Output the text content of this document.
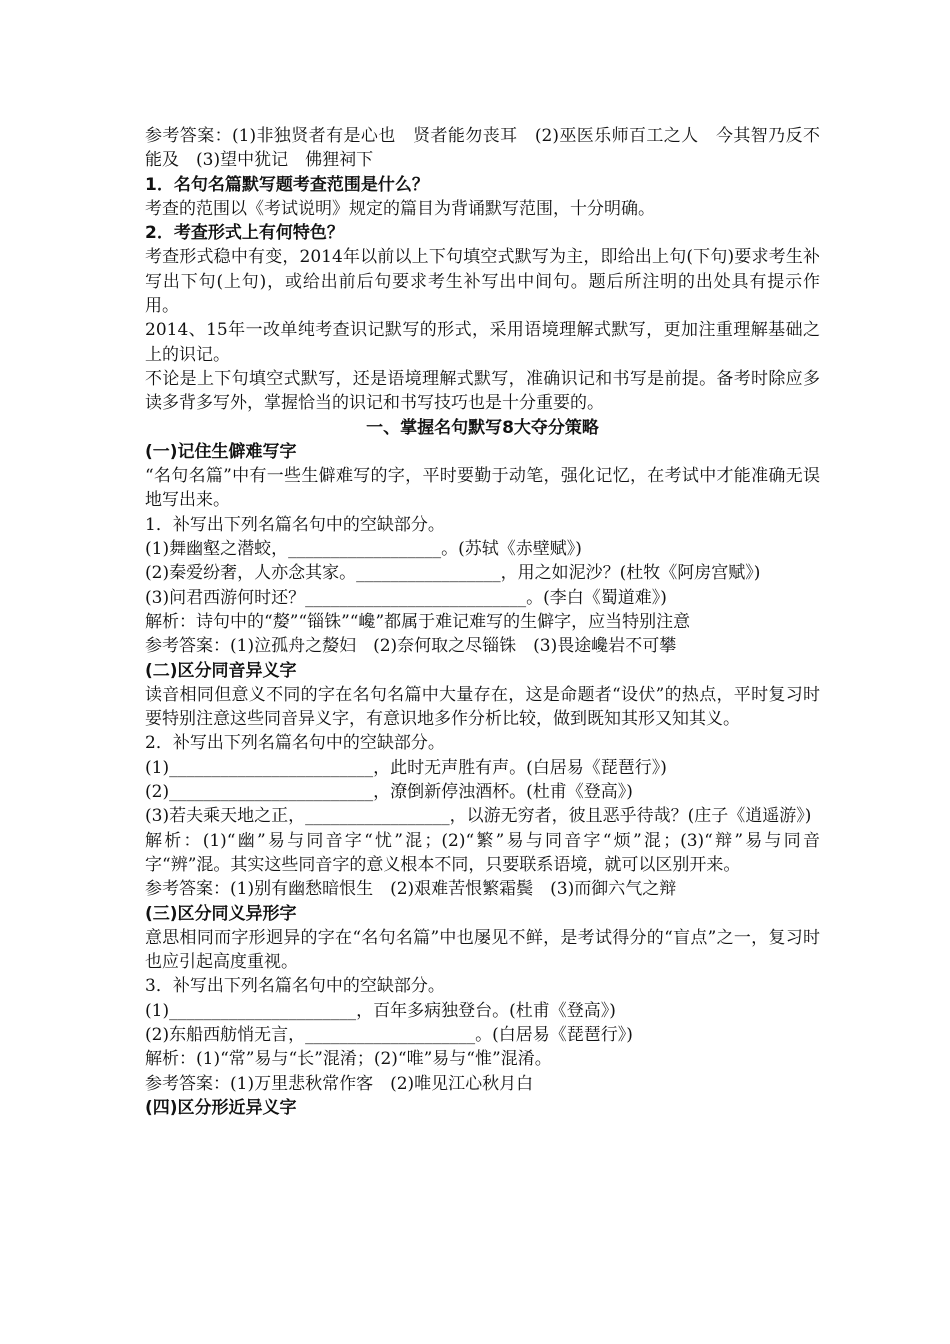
参考答案：(1)非独贤者有是心也　贤者能勿丧耳　(2)巫医乐师百工之人　今其智乃反不能及　(3)望中犹记　佛狸祠下

1．名句名篇默写题考查范围是什么？

考查的范围以《考试说明》规定的篇目为背诵默写范围，十分明确。

2．考查形式上有何特色？

考查形式稳中有变，2014年以前以上下句填空式默写为主，即给出上句(下句)要求考生补写出下句(上句)，或给出前后句要求考生补写出中间句。题后所注明的出处具有提示作用。

2014、15年一改单纯考查识记默写的形式，采用语境理解式默写，更加注重理解基础之上的识记。

不论是上下句填空式默写，还是语境理解式默写，准确识记和书写是前提。备考时除应多读多背多写外，掌握恰当的识记和书写技巧也是十分重要的。

一、掌握名句默写8大夺分策略

(一)记住生僻难写字

“名句名篇”中有一些生僻难写的字，平时要勤于动笔，强化记忆，在考试中才能准确无误地写出来。

1．补写出下列名篇名句中的空缺部分。

(1)舞幽壑之潜蛟，__________________。(苏轼《赤壁赋》)

(2)秦爱纷奢，人亦念其家。_________________，用之如泥沙？(杜牧《阿房宫赋》)

(3)问君西游何时还？__________________________。(李白《蜀道难》)

解析：诗句中的“嫠”“锱铢”“巉”都属于难记难写的生僻字，应当特别注意

参考答案：(1)泣孤舟之嫠妇　(2)奈何取之尽锱铢　(3)畏途巉岩不可攀

(二)区分同音异义字

读音相同但意义不同的字在名句名篇中大量存在，这是命题者“设伏”的热点，平时复习时要特别注意这些同音异义字，有意识地多作分析比较，做到既知其形又知其义。

2．补写出下列名篇名句中的空缺部分。

(1)________________________，此时无声胜有声。(白居易《琵琶行》)

(2)________________________，潦倒新停浊酒杯。(杜甫《登高》)

(3)若夫乘天地之正，_________________，以游无穷者，彼且恶乎待哉？(庄子《逍遥游》)

解析：(1)“幽”易与同音字“忧”混；(2)“繁”易与同音字“烦”混；(3)“辩”易与同音字“辨”混。其实这些同音字的意义根本不同，只要联系语境，就可以区别开来。

参考答案：(1)别有幽愁暗恨生　(2)艰难苦恨繁霜鬓　(3)而御六气之辩

(三)区分同义异形字

意思相同而字形迥异的字在“名句名篇”中也屡见不鲜，是考试得分的“盲点”之一，复习时也应引起高度重视。

3．补写出下列名篇名句中的空缺部分。

(1)______________________，百年多病独登台。(杜甫《登高》)

(2)东船西舫悄无言，____________________。(白居易《琵琶行》)

解析：(1)“常”易与“长”混淆；(2)“唯”易与“惟”混淆。

参考答案：(1)万里悲秋常作客　(2)唯见江心秋月白

(四)区分形近异义字
